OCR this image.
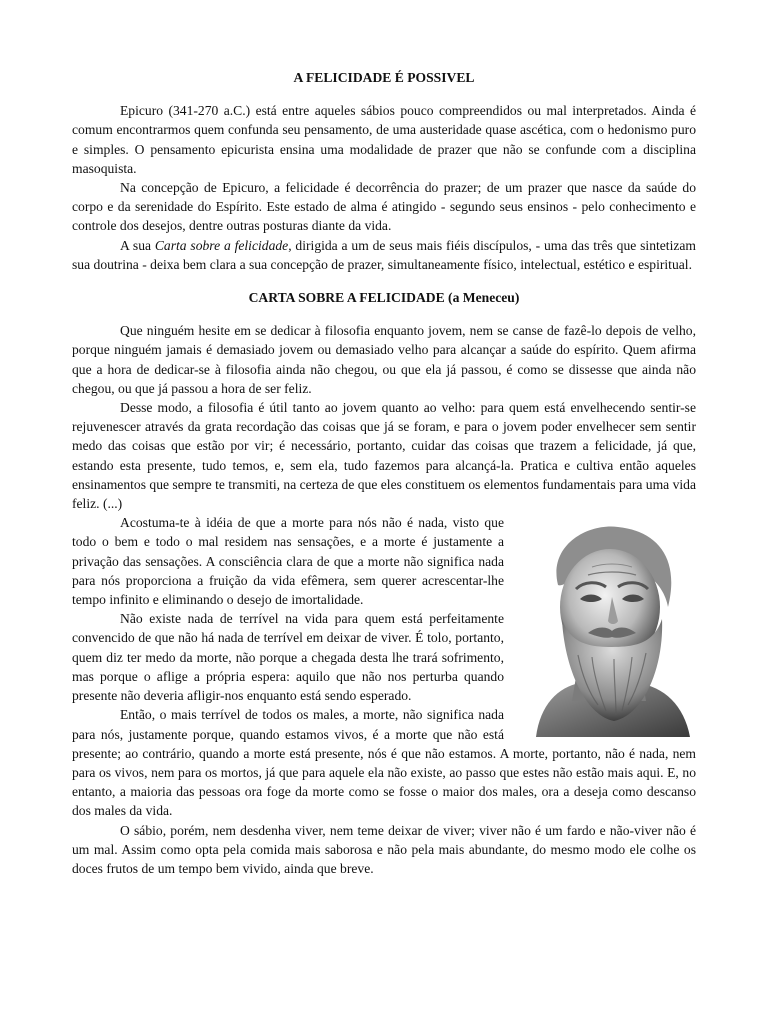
A FELICIDADE É POSSIVEL

Epicuro (341-270 a.C.) está entre aqueles sábios pouco compreendidos ou mal interpretados. Ainda é comum encontrarmos quem confunda seu pensamento, de uma austeridade quase ascética, com o hedonismo puro e simples. O pensamento epicurista ensina uma modalidade de prazer que não se confunde com a disciplina masoquista.

Na concepção de Epicuro, a felicidade é decorrência do prazer; de um prazer que nasce da saúde do corpo e da serenidade do Espírito. Este estado de alma é atingido - segundo seus ensinos - pelo conhecimento e controle dos desejos, dentre outras posturas diante da vida.

A sua Carta sobre a felicidade, dirigida a um de seus mais fiéis discípulos, - uma das três que sintetizam sua doutrina - deixa bem clara a sua concepção de prazer, simultaneamente físico, intelectual, estético e espiritual.

CARTA SOBRE A FELICIDADE (a Meneceu)

Que ninguém hesite em se dedicar à filosofia enquanto jovem, nem se canse de fazê-lo depois de velho, porque ninguém jamais é demasiado jovem ou demasiado velho para alcançar a saúde do espírito. Quem afirma que a hora de dedicar-se à filosofia ainda não chegou, ou que ela já passou, é como se dissesse que ainda não chegou, ou que já passou a hora de ser feliz.

Desse modo, a filosofia é útil tanto ao jovem quanto ao velho: para quem está envelhecendo sentir-se rejuvenescer através da grata recordação das coisas que já se foram, e para o jovem poder envelhecer sem sentir medo das coisas que estão por vir; é necessário, portanto, cuidar das coisas que trazem a felicidade, já que, estando esta presente, tudo temos, e, sem ela, tudo fazemos para alcançá-la. Pratica e cultiva então aqueles ensinamentos que sempre te transmiti, na certeza de que eles constituem os elementos fundamentais para uma vida feliz. (...)

Acostuma-te à idéia de que a morte para nós não é nada, visto que todo o bem e todo o mal residem nas sensações, e a morte é justamente a privação das sensações. A consciência clara de que a morte não significa nada para nós proporciona a fruição da vida efêmera, sem querer acrescentar-lhe tempo infinito e eliminando o desejo de imortalidade.

Não existe nada de terrível na vida para quem está perfeitamente convencido de que não há nada de terrível em deixar de viver. É tolo, portanto, quem diz ter medo da morte, não porque a chegada desta lhe trará sofrimento, mas porque o aflige a própria espera: aquilo que não nos perturba quando presente não deveria afligir-nos enquanto está sendo esperado.

Então, o mais terrível de todos os males, a morte, não significa nada para nós, justamente porque, quando estamos vivos, é a morte que não está presente; ao contrário, quando a morte está presente, nós é que não estamos. A morte, portanto, não é nada, nem para os vivos, nem para os mortos, já que para aquele ela não existe, ao passo que estes não estão mais aqui. E, no entanto, a maioria das pessoas ora foge da morte como se fosse o maior dos males, ora a deseja como descanso dos males da vida.

O sábio, porém, nem desdenha viver, nem teme deixar de viver; viver não é um fardo e não-viver não é um mal. Assim como opta pela comida mais saborosa e não pela mais abundante, do mesmo modo ele colhe os doces frutos de um tempo bem vivido, ainda que breve.
